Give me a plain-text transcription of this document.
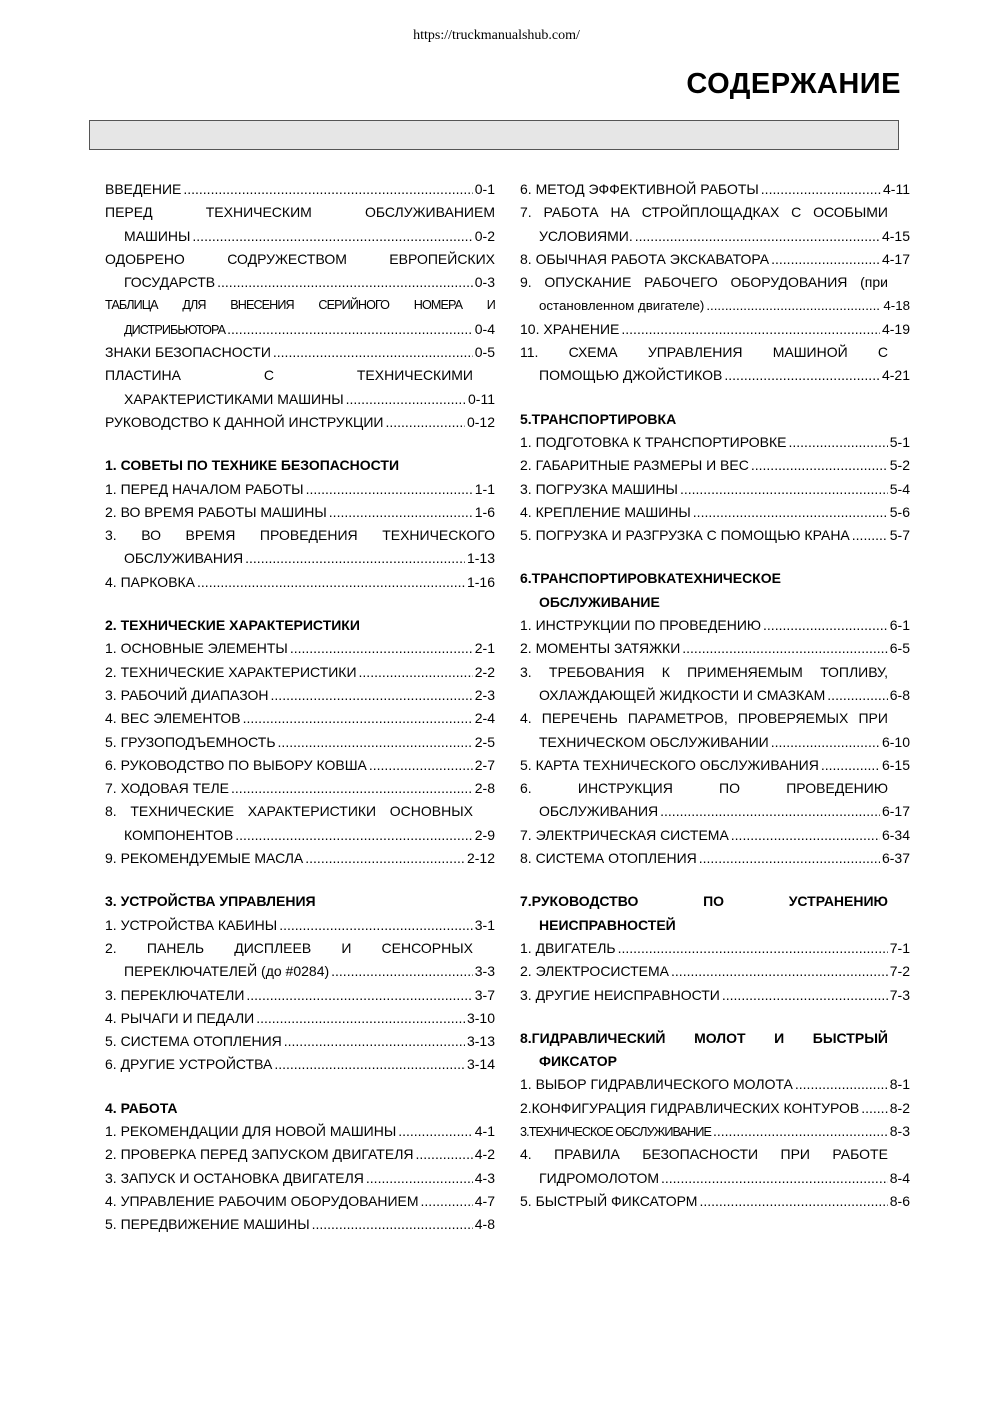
https://truckmanualshub.com/
СОДЕРЖАНИЕ
ВВЕДЕНИЕ .....	0-1
ПЕРЕД	ТЕХНИЧЕСКИМ	ОБСЛУЖИВАНИЕМ
МАШИНЫ .....	0-2
ОДОБРЕНО	СОДРУЖЕСТВОМ	ЕВРОПЕЙСКИХ
ГОСУДАРСТВ .....	0-3
ТАБЛИЦА ДЛЯ ВНЕСЕНИЯ СЕРИЙНОГО НОМЕРА И
ДИСТРИБЬЮТОРА .....	0-4
ЗНАКИ БЕЗОПАСНОСТИ .....	0-5
ПЛАСТИНА	С	ТЕХНИЧЕСКИМИ
ХАРАКТЕРИСТИКАМИ МАШИНЫ .....	0-11
РУКОВОДСТВО К ДАННОЙ ИНСТРУКЦИИ .....	0-12
1. СОВЕТЫ ПО ТЕХНИКЕ БЕЗОПАСНОСТИ
1. ПЕРЕД НАЧАЛОМ РАБОТЫ .....	1-1
2. ВО ВРЕМЯ РАБОТЫ МАШИНЫ .....	1-6
3. ВО ВРЕМЯ ПРОВЕДЕНИЯ ТЕХНИЧЕСКОГО
ОБСЛУЖИВАНИЯ .....	1-13
4. ПАРКОВКА .....	1-16
2. ТЕХНИЧЕСКИЕ ХАРАКТЕРИСТИКИ
1. ОСНОВНЫЕ ЭЛЕМЕНТЫ .....	2-1
2. ТЕХНИЧЕСКИЕ ХАРАКТЕРИСТИКИ .....	2-2
3. РАБОЧИЙ ДИАПАЗОН .....	2-3
4. ВЕС ЭЛЕМЕНТОВ .....	2-4
5. ГРУЗОПОДЪЕМНОСТЬ .....	2-5
6. РУКОВОДСТВО ПО ВЫБОРУ КОВША .....	2-7
7. ХОДОВАЯ ТЕЛЕ .....	2-8
8. ТЕХНИЧЕСКИЕ ХАРАКТЕРИСТИКИ ОСНОВНЫХ
КОМПОНЕНТОВ .....	2-9
9. РЕКОМЕНДУЕМЫЕ МАСЛА .....	2-12
3. УСТРОЙСТВА УПРАВЛЕНИЯ
1. УСТРОЙСТВА КАБИНЫ .....	3-1
2. ПАНЕЛЬ ДИСПЛЕЕВ И СЕНСОРНЫХ
ПЕРЕКЛЮЧАТЕЛЕЙ (до #0284) .....	3-3
3. ПЕРЕКЛЮЧАТЕЛИ .....	3-7
4. РЫЧАГИ И ПЕДАЛИ .....	3-10
5. СИСТЕМА ОТОПЛЕНИЯ .....	3-13
6. ДРУГИЕ УСТРОЙСТВА .....	3-14
4. РАБОТА
1. РЕКОМЕНДАЦИИ ДЛЯ НОВОЙ МАШИНЫ .....	4-1
2. ПРОВЕРКА ПЕРЕД ЗАПУСКОМ ДВИГАТЕЛЯ .....	4-2
3. ЗАПУСК И ОСТАНОВКА ДВИГАТЕЛЯ .....	4-3
4. УПРАВЛЕНИЕ РАБОЧИМ ОБОРУДОВАНИЕМ .....	4-7
5. ПЕРЕДВИЖЕНИЕ МАШИНЫ .....	4-8
6. МЕТОД ЭФФЕКТИВНОЙ РАБОТЫ .....	4-11
7. РАБОТА НА СТРОЙПЛОЩАДКАХ С ОСОБЫМИ
УСЛОВИЯМИ. .....	4-15
8. ОБЫЧНАЯ РАБОТА ЭКСКАВАТОРА .....	4-17
9. ОПУСКАНИЕ РАБОЧЕГО ОБОРУДОВАНИЯ (при
остановленном двигателе) .....	4-18
10. ХРАНЕНИЕ .....	4-19
11. СХЕМА УПРАВЛЕНИЯ МАШИНОЙ С
ПОМОЩЬЮ ДЖОЙСТИКОВ .....	4-21
5.ТРАНСПОРТИРОВКА
1. ПОДГОТОВКА К ТРАНСПОРТИРОВКЕ .....	5-1
2. ГАБАРИТНЫЕ РАЗМЕРЫ И ВЕС .....	5-2
3. ПОГРУЗКА МАШИНЫ .....	5-4
4. КРЕПЛЕНИЕ МАШИНЫ .....	5-6
5. ПОГРУЗКА И РАЗГРУЗКА С ПОМОЩЬЮ КРАНА .....	5-7
6.ТРАНСПОРТИРОВКАТЕХНИЧЕСКОЕ
ОБСЛУЖИВАНИЕ
1. ИНСТРУКЦИИ ПО ПРОВЕДЕНИЮ .....	6-1
2. МОМЕНТЫ ЗАТЯЖКИ .....	6-5
3. ТРЕБОВАНИЯ К ПРИМЕНЯЕМЫМ ТОПЛИВУ,
ОХЛАЖДАЮЩЕЙ ЖИДКОСТИ И СМАЗКАМ .....	6-8
4. ПЕРЕЧЕНЬ ПАРАМЕТРОВ, ПРОВЕРЯЕМЫХ ПРИ
ТЕХНИЧЕСКОМ ОБСЛУЖИВАНИИ .....	6-10
5. КАРТА ТЕХНИЧЕСКОГО ОБСЛУЖИВАНИЯ .....	6-15
6.	ИНСТРУКЦИЯ	ПО	ПРОВЕДЕНИЮ
ОБСЛУЖИВАНИЯ .....	6-17
7. ЭЛЕКТРИЧЕСКАЯ СИСТЕМА .....	6-34
8. СИСТЕМА ОТОПЛЕНИЯ .....	6-37
7.РУКОВОДСТВО	ПО	УСТРАНЕНИЮ
НЕИСПРАВНОСТЕЙ
1. ДВИГАТЕЛЬ .....	7-1
2. ЭЛЕКТРОСИСТЕМА .....	7-2
3. ДРУГИЕ НЕИСПРАВНОСТИ .....	7-3
8.ГИДРАВЛИЧЕСКИЙ МОЛОТ И БЫСТРЫЙ
ФИКСАТОР
1. ВЫБОР ГИДРАВЛИЧЕСКОГО МОЛОТА .....	8-1
2.КОНФИГУРАЦИЯ ГИДРАВЛИЧЕСКИХ КОНТУРОВ ..... 8-2
3.ТЕХНИЧЕСКОЕ ОБСЛУЖИВАНИЕ .....	8-3
4. ПРАВИЛА БЕЗОПАСНОСТИ ПРИ РАБОТЕ
ГИДРОМОЛОТОМ .....	8-4
5. БЫСТРЫЙ ФИКСАТОРМ .....	8-6
